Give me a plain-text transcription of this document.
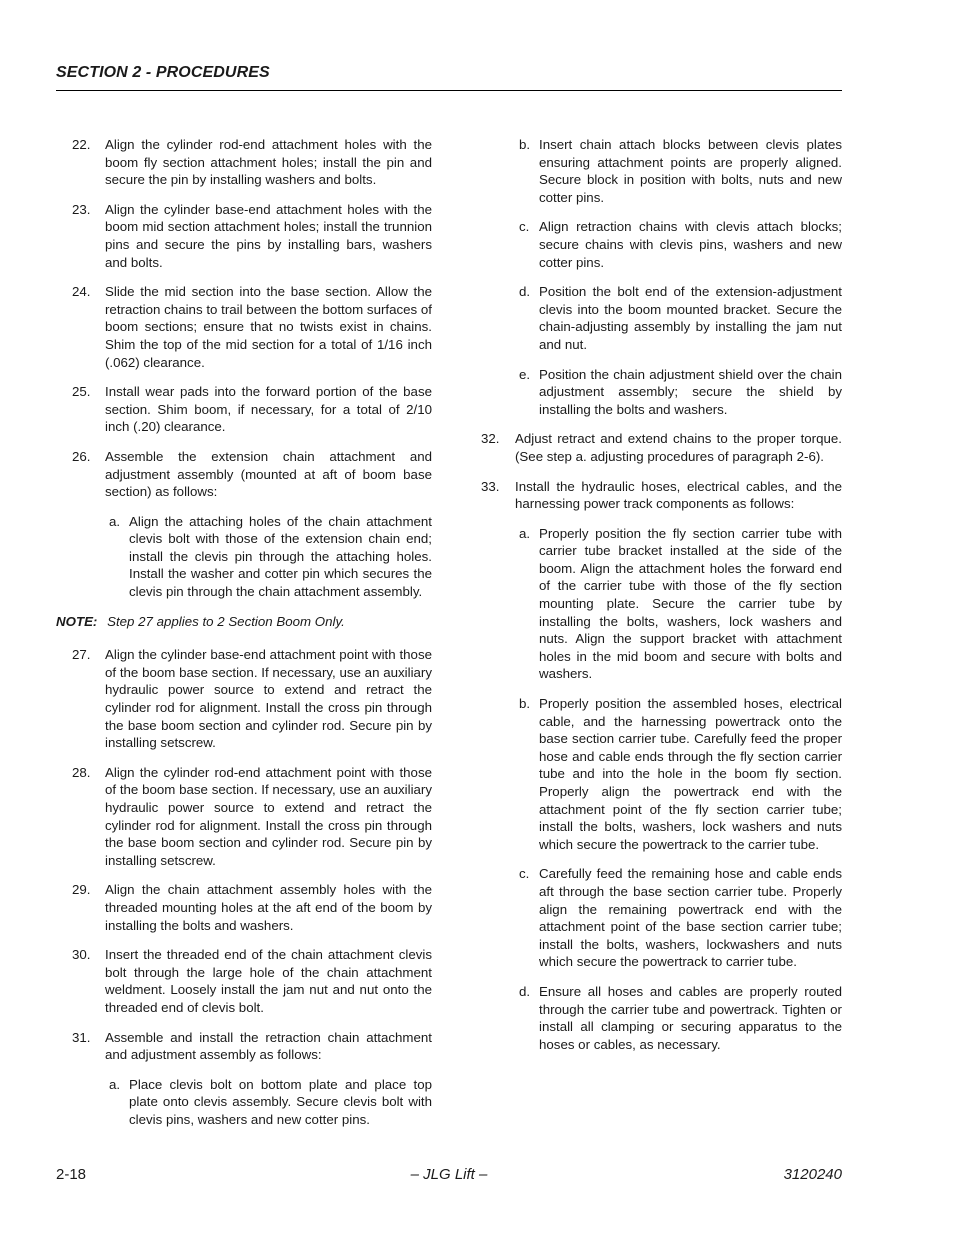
SECTION 2 - PROCEDURES
22. Align the cylinder rod-end attachment holes with the boom fly section attachment holes; install the pin and secure the pin by installing washers and bolts.
23. Align the cylinder base-end attachment holes with the boom mid section attachment holes; install the trunnion pins and secure the pins by installing bars, washers and bolts.
24. Slide the mid section into the base section. Allow the retraction chains to trail between the bottom surfaces of boom sections; ensure that no twists exist in chains. Shim the top of the mid section for a total of 1/16 inch (.062) clearance.
25. Install wear pads into the forward portion of the base section. Shim boom, if necessary, for a total of 2/10 inch (.20) clearance.
26. Assemble the extension chain attachment and adjustment assembly (mounted at aft of boom base section) as follows:
a. Align the attaching holes of the chain attachment clevis bolt with those of the extension chain end; install the clevis pin through the attaching holes. Install the washer and cotter pin which secures the clevis pin through the chain attachment assembly.
NOTE: Step 27 applies to 2 Section Boom Only.
27. Align the cylinder base-end attachment point with those of the boom base section. If necessary, use an auxiliary hydraulic power source to extend and retract the cylinder rod for alignment. Install the cross pin through the base boom section and cylinder rod. Secure pin by installing setscrew.
28. Align the cylinder rod-end attachment point with those of the boom base section. If necessary, use an auxiliary hydraulic power source to extend and retract the cylinder rod for alignment. Install the cross pin through the base boom section and cylinder rod. Secure pin by installing setscrew.
29. Align the chain attachment assembly holes with the threaded mounting holes at the aft end of the boom by installing the bolts and washers.
30. Insert the threaded end of the chain attachment clevis bolt through the large hole of the chain attachment weldment. Loosely install the jam nut and nut onto the threaded end of clevis bolt.
31. Assemble and install the retraction chain attachment and adjustment assembly as follows:
a. Place clevis bolt on bottom plate and place top plate onto clevis assembly. Secure clevis bolt with clevis pins, washers and new cotter pins.
b. Insert chain attach blocks between clevis plates ensuring attachment points are properly aligned. Secure block in position with bolts, nuts and new cotter pins.
c. Align retraction chains with clevis attach blocks; secure chains with clevis pins, washers and new cotter pins.
d. Position the bolt end of the extension-adjustment clevis into the boom mounted bracket. Secure the chain-adjusting assembly by installing the jam nut and nut.
e. Position the chain adjustment shield over the chain adjustment assembly; secure the shield by installing the bolts and washers.
32. Adjust retract and extend chains to the proper torque. (See step a. adjusting procedures of paragraph 2-6).
33. Install the hydraulic hoses, electrical cables, and the harnessing power track components as follows:
a. Properly position the fly section carrier tube with carrier tube bracket installed at the side of the boom. Align the attachment holes the forward end of the carrier tube with those of the fly section mounting plate. Secure the carrier tube by installing the bolts, washers, lock washers and nuts. Align the support bracket with attachment holes in the mid boom and secure with bolts and washers.
b. Properly position the assembled hoses, electrical cable, and the harnessing powertrack onto the base section carrier tube. Carefully feed the proper hose and cable ends through the fly section carrier tube and into the hole in the boom fly section. Properly align the powertrack end with the attachment point of the fly section carrier tube; install the bolts, washers, lock washers and nuts which secure the powertrack to the carrier tube.
c. Carefully feed the remaining hose and cable ends aft through the base section carrier tube. Properly align the remaining powertrack end with the attachment point of the base section carrier tube; install the bolts, washers, lockwashers and nuts which secure the powertrack to carrier tube.
d. Ensure all hoses and cables are properly routed through the carrier tube and powertrack. Tighten or install all clamping or securing apparatus to the hoses or cables, as necessary.
2-18	– JLG Lift –	3120240
